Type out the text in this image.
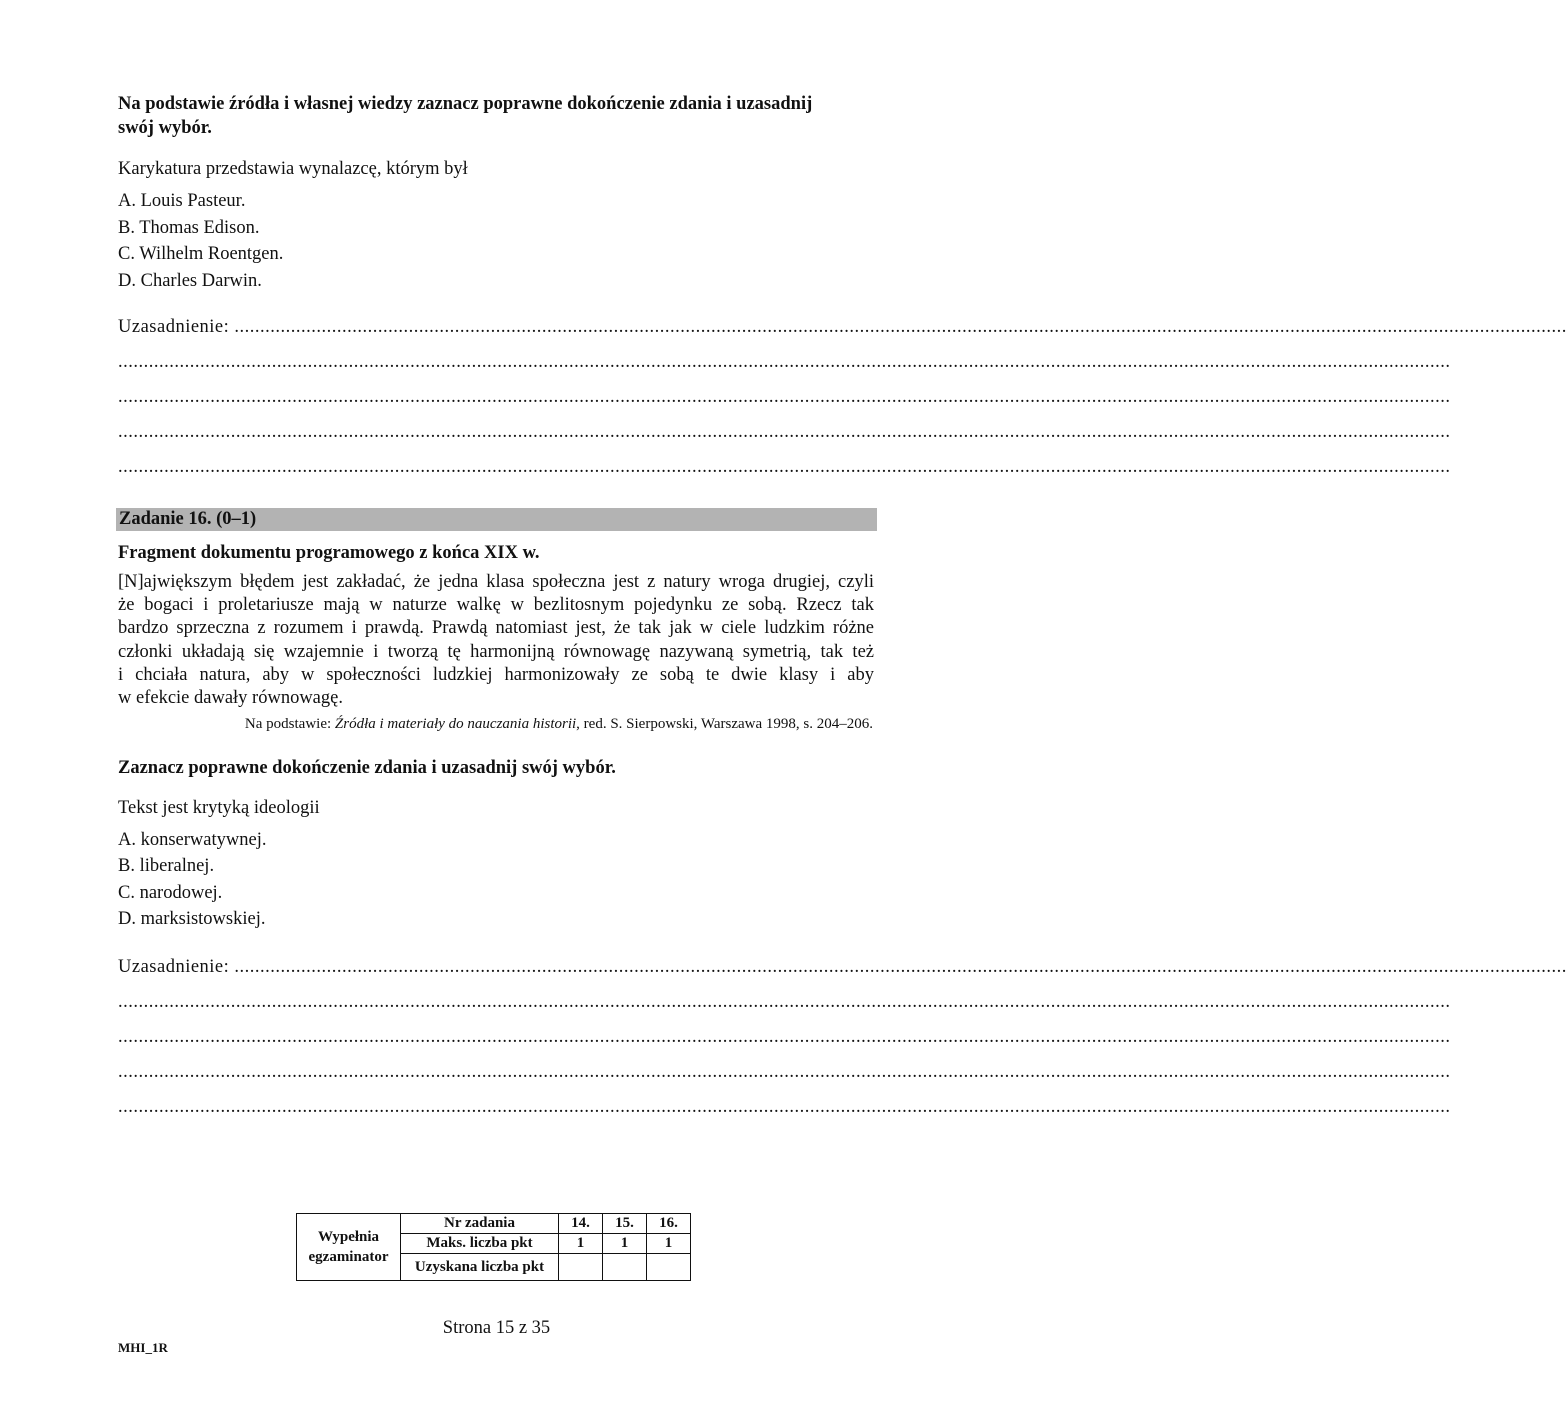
Na podstawie źródła i własnej wiedzy zaznacz poprawne dokończenie zdania i uzasadnij
swój wybór.
Karykatura przedstawia wynalazcę, którym był
A. Louis Pasteur.
B. Thomas Edison.
C. Wilhelm Roentgen.
D. Charles Darwin.
Uzasadnienie: ....................................................................................................................................................................................................................................................................
....................................................................................................................................................................................................................................................................
....................................................................................................................................................................................................................................................................
....................................................................................................................................................................................................................................................................
....................................................................................................................................................................................................................................................................
Zadanie 16. (0–1)
Fragment dokumentu programowego z końca XIX w.
[N]ajwiększym błędem jest zakładać, że jedna klasa społeczna jest z natury wroga drugiej, czyli
że bogaci i proletariusze mają w naturze walkę w bezlitosnym pojedynku ze sobą. Rzecz tak
bardzo sprzeczna z rozumem i prawdą. Prawdą natomiast jest, że tak jak w ciele ludzkim różne
członki układają się wzajemnie i tworzą tę harmonijną równowagę nazywaną symetrią, tak też
i chciała natura, aby w społeczności ludzkiej harmonizowały ze sobą te dwie klasy i aby
w efekcie dawały równowagę.
Na podstawie: Źródła i materiały do nauczania historii, red. S. Sierpowski, Warszawa 1998, s. 204–206.
Zaznacz poprawne dokończenie zdania i uzasadnij swój wybór.
Tekst jest krytyką ideologii
A. konserwatywnej.
B. liberalnej.
C. narodowej.
D. marksistowskiej.
Uzasadnienie: ....................................................................................................................................................................................................................................................................
....................................................................................................................................................................................................................................................................
....................................................................................................................................................................................................................................................................
....................................................................................................................................................................................................................................................................
....................................................................................................................................................................................................................................................................
Wypełnia
egzaminator	Nr zadania	14.	15.	16.
	Maks. liczba pkt	1	1	1
	Uzyskana liczba pkt			
Strona 15 z 35
MHI_1R
